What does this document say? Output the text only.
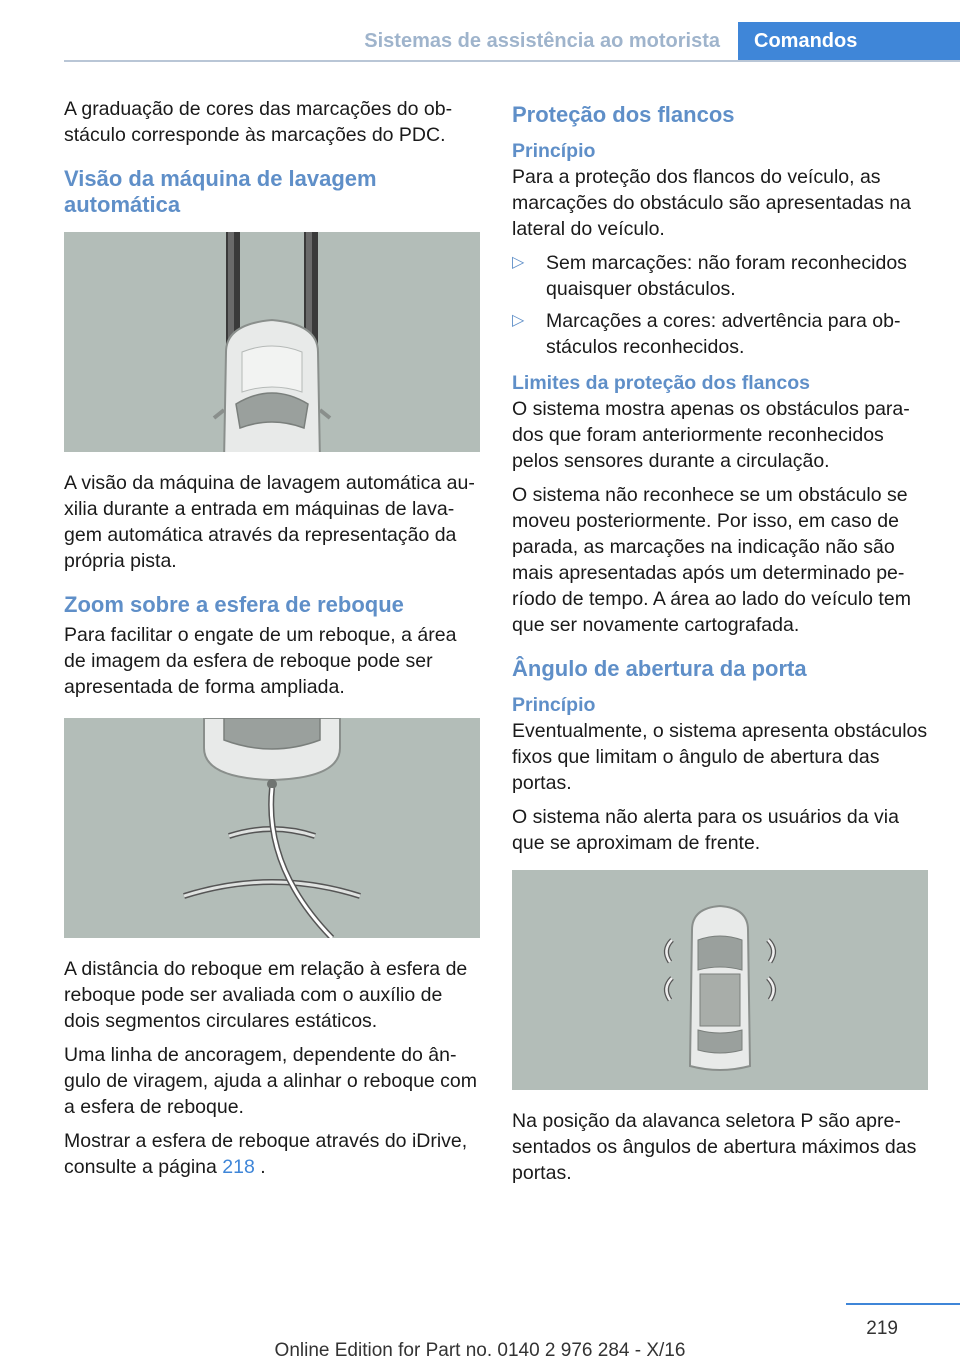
Sistemas de assistência ao motorista	Comandos

A graduação de cores das marcações do obstáculo corresponde às marcações do PDC.

Visão da máquina de lavagem automática

A visão da máquina de lavagem automática auxilia durante a entrada em máquinas de lavagem automática através da representação da própria pista.

Zoom sobre a esfera de reboque

Para facilitar o engate de um reboque, a área de imagem da esfera de reboque pode ser apresentada de forma ampliada.

A distância do reboque em relação à esfera de reboque pode ser avaliada com o auxílio de dois segmentos circulares estáticos.

Uma linha de ancoragem, dependente do ângulo de viragem, ajuda a alinhar o reboque com a esfera de reboque.

Mostrar a esfera de reboque através do iDrive, consulte a página 218 .

Proteção dos flancos
Princípio

Para a proteção dos flancos do veículo, as marcações do obstáculo são apresentadas na lateral do veículo.

▷ Sem marcações: não foram reconhecidos quaisquer obstáculos.
▷ Marcações a cores: advertência para obstáculos reconhecidos.
Limites da proteção dos flancos

O sistema mostra apenas os obstáculos parados que foram anteriormente reconhecidos pelos sensores durante a circulação.

O sistema não reconhece se um obstáculo se moveu posteriormente. Por isso, em caso de parada, as marcações na indicação não são mais apresentadas após um determinado período de tempo. A área ao lado do veículo tem que ser novamente cartografada.

Ângulo de abertura da porta
Princípio

Eventualmente, o sistema apresenta obstáculos fixos que limitam o ângulo de abertura das portas.

O sistema não alerta para os usuários da via que se aproximam de frente.

Na posição da alavanca seletora P são apresentados os ângulos de abertura máximos das portas.

219
Online Edition for Part no. 0140 2 976 284 - X/16
